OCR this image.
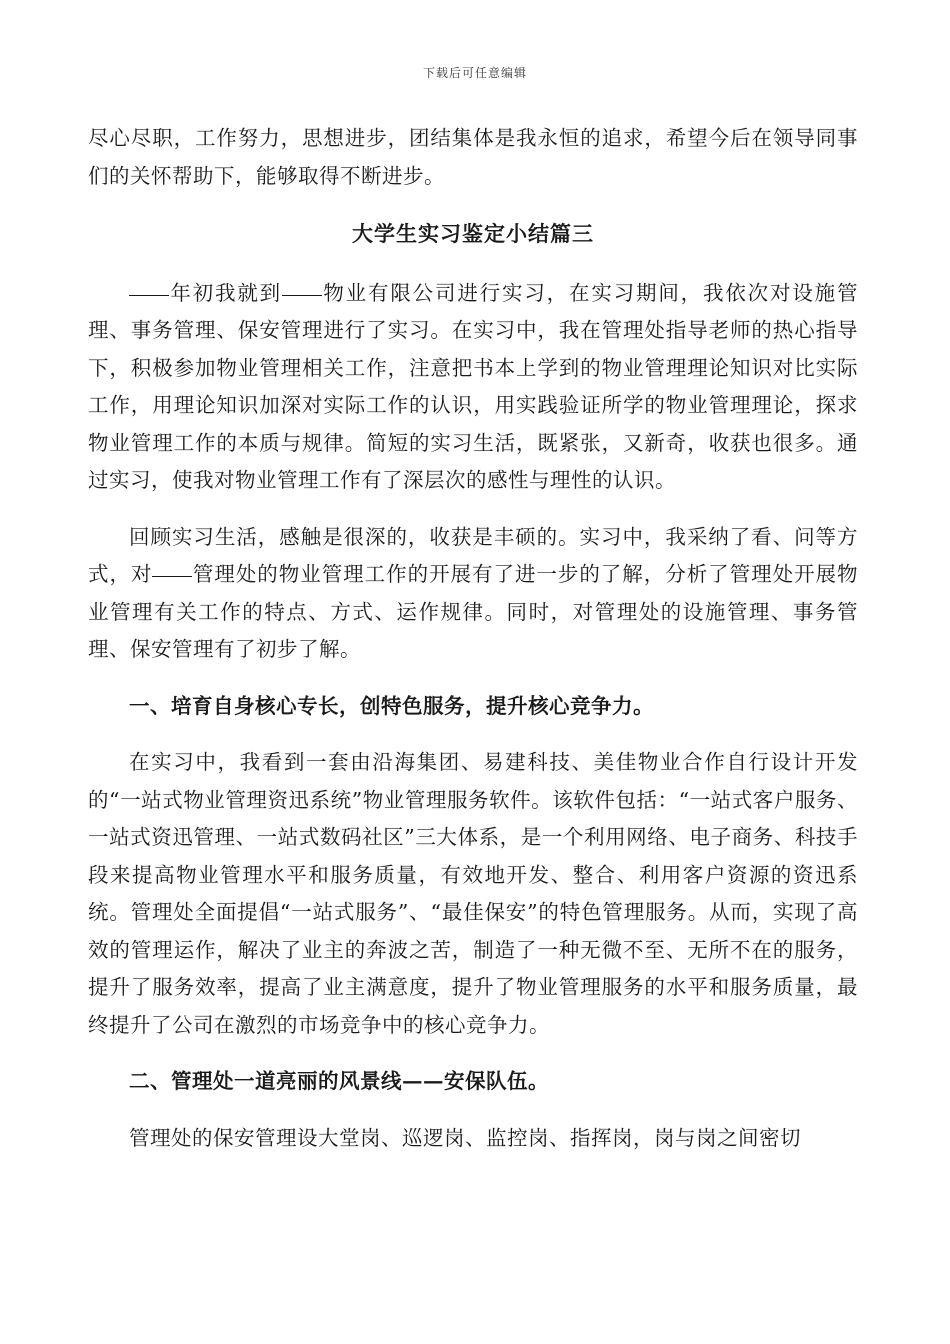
下载后可任意编辑

尽心尽职，工作努力，思想进步，团结集体是我永恒的追求，希望今后在领导同事们的关怀帮助下，能够取得不断进步。

大学生实习鉴定小结篇三

年初我就到 物业有限公司进行实习，在实习期间，我依次对设施管理、事务管理、保安管理进行了实习。在实习中，我在管理处指导老师的热心指导下，积极参加物业管理相关工作，注意把书本上学到的物业管理理论知识对比实际工作，用理论知识加深对实际工作的认识，用实践验证所学的物业管理理论，探求物业管理工作的本质与规律。简短的实习生活，既紧张，又新奇，收获也很多。通过实习，使我对物业管理工作有了深层次的感性与理性的认识。

回顾实习生活，感触是很深的，收获是丰硕的。实习中，我采纳了看、问等方式，对 管理处的物业管理工作的开展有了进一步的了解，分析了管理处开展物业管理有关工作的特点、方式、运作规律。同时，对管理处的设施管理、事务管理、保安管理有了初步了解。

一、培育自身核心专长，创特色服务，提升核心竞争力。

在实习中，我看到一套由沿海集团、易建科技、美佳物业合作自行设计开发的“一站式物业管理资迅系统”物业管理服务软件。该软件包括：“一站式客户服务、一站式资迅管理、一站式数码社区”三大体系，是一个利用网络、电子商务、科技手段来提高物业管理水平和服务质量，有效地开发、整合、利用客户资源的资迅系统。管理处全面提倡“一站式服务”、“最佳保安”的特色管理服务。从而，实现了高效的管理运作，解决了业主的奔波之苦，制造了一种无微不至、无所不在的服务，提升了服务效率，提高了业主满意度，提升了物业管理服务的水平和服务质量，最终提升了公司在激烈的市场竞争中的核心竞争力。

二、管理处一道亮丽的风景线——安保队伍。

管理处的保安管理设大堂岗、巡逻岗、监控岗、指挥岗，岗与岗之间密切
